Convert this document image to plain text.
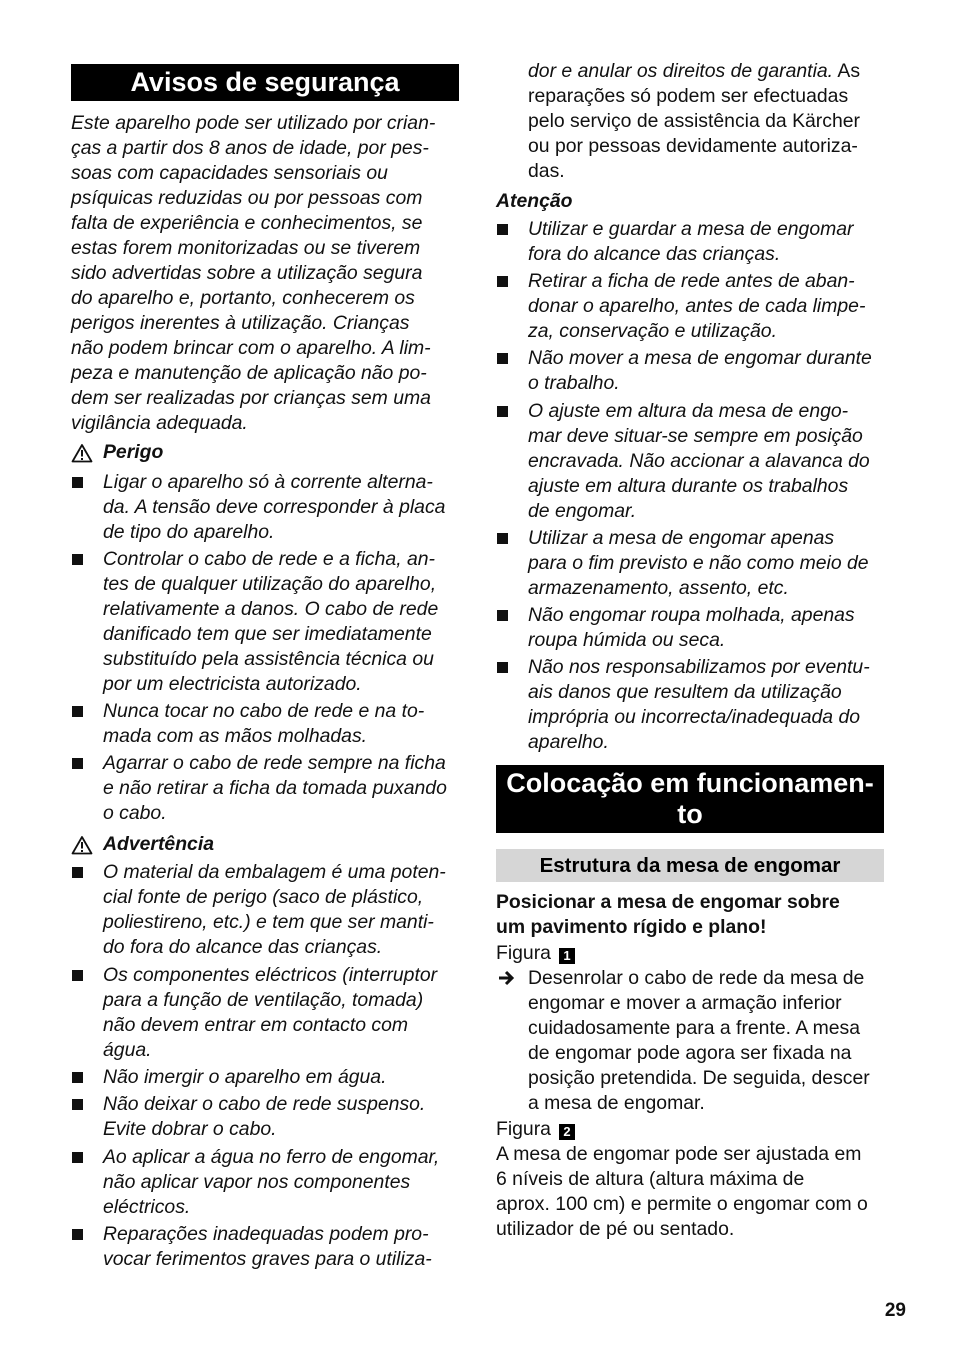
Avisos de segurança
Este aparelho pode ser utilizado por crian-
ças a partir dos 8 anos de idade, por pes-
soas com capacidades sensoriais ou
psíquicas reduzidas ou por pessoas com
falta de experiência e conhecimentos, se
estas forem monitorizadas ou se tiverem
sido advertidas sobre a utilização segura
do aparelho e, portanto, conhecerem os
perigos inerentes à utilização. Crianças
não podem brincar com o aparelho. A lim-
peza e manutenção de aplicação não po-
dem ser realizadas por crianças sem uma
vigilância adequada.
Perigo
Ligar o aparelho só à corrente alterna-
da. A tensão deve corresponder à placa
de tipo do aparelho.
Controlar o cabo de rede e a ficha, an-
tes de qualquer utilização do aparelho,
relativamente a danos. O cabo de rede
danificado tem que ser imediatamente
substituído pela assistência técnica ou
por um electricista autorizado.
Nunca tocar no cabo de rede e na to-
mada com as mãos molhadas.
Agarrar o cabo de rede sempre na ficha
e não retirar a ficha da tomada puxando
o cabo.
Advertência
O material da embalagem é uma poten-
cial fonte de perigo (saco de plástico,
poliestireno, etc.) e tem que ser manti-
do fora do alcance das crianças.
Os componentes eléctricos (interruptor
para a função de ventilação, tomada)
não devem entrar em contacto com
água.
Não imergir o aparelho em água.
Não deixar o cabo de rede suspenso.
Evite dobrar o cabo.
Ao aplicar a água no ferro de engomar,
não aplicar vapor nos componentes
eléctricos.
Reparações inadequadas podem pro-
vocar ferimentos graves para o utiliza-
dor e anular os direitos de garantia. As
reparações só podem ser efectuadas
pelo serviço de assistência da Kärcher
ou por pessoas devidamente autoriza-
das.
Atenção
Utilizar e guardar a mesa de engomar
fora do alcance das crianças.
Retirar a ficha de rede antes de aban-
donar o aparelho, antes de cada limpe-
za, conservação e utilização.
Não mover a mesa de engomar durante
o trabalho.
O ajuste em altura da mesa de engo-
mar deve situar-se sempre em posição
encravada. Não accionar a alavanca do
ajuste em altura durante os trabalhos
de engomar.
Utilizar a mesa de engomar apenas
para o fim previsto e não como meio de
armazenamento, assento, etc.
Não engomar roupa molhada, apenas
roupa húmida ou seca.
Não nos responsabilizamos por eventu-
ais danos que resultem da utilização
imprópria ou incorrecta/inadequada do
aparelho.
Colocação em funcionamen-
to
Estrutura da mesa de engomar
Posicionar a mesa de engomar sobre
um pavimento rígido e plano!
Figura 1
Desenrolar o cabo de rede da mesa de
engomar e mover a armação inferior
cuidadosamente para a frente. A mesa
de engomar pode agora ser fixada na
posição pretendida. De seguida, descer
a mesa de engomar.
Figura 2
A mesa de engomar pode ser ajustada em
6 níveis de altura (altura máxima de
aprox. 100 cm) e permite o engomar com o
utilizador de pé ou sentado.
29
